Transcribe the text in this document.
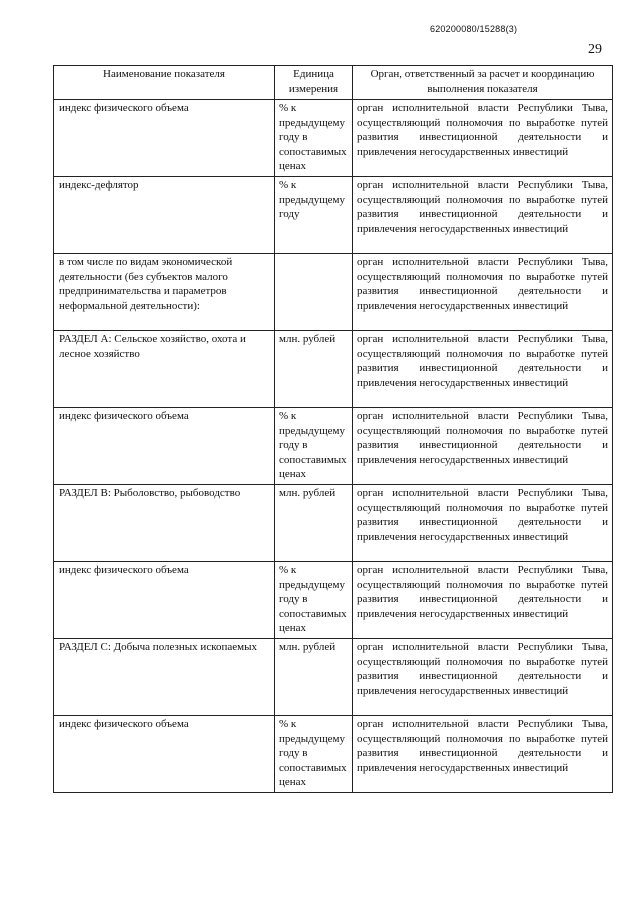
620200080/15288(3)
29
Наименование показателя	Единица измерения	Орган, ответственный за расчет и координацию выполнения показателя
индекс физического объема	% к предыдущему году в сопоставимых ценах	орган исполнительной власти Республики Тыва, осуществляющий полномочия по выработке путей развития инвестиционной деятельности и привлечения негосударственных инвестиций

индекс-дефлятор	% к предыдущему году	орган исполнительной власти Республики Тыва, осуществляющий полномочия по выработке путей развития инвестиционной деятельности и привлечения негосударственных инвестиций

в том числе по видам экономической деятельности (без субъектов малого предпринимательства и параметров неформальной деятельности):		орган исполнительной власти Республики Тыва, осуществляющий полномочия по выработке путей развития инвестиционной деятельности и привлечения негосударственных инвестиций

РАЗДЕЛ А: Сельское хозяйство, охота и лесное хозяйство	млн. рублей	орган исполнительной власти Республики Тыва, осуществляющий полномочия по выработке путей развития инвестиционной деятельности и привлечения негосударственных инвестиций

индекс физического объема	% к предыдущему году в сопоставимых ценах	орган исполнительной власти Республики Тыва, осуществляющий полномочия по выработке путей развития инвестиционной деятельности и привлечения негосударственных инвестиций

РАЗДЕЛ В: Рыболовство, рыбоводство	млн. рублей	орган исполнительной власти Республики Тыва, осуществляющий полномочия по выработке путей развития инвестиционной деятельности и привлечения негосударственных инвестиций

индекс физического объема	% к предыдущему году в сопоставимых ценах	орган исполнительной власти Республики Тыва, осуществляющий полномочия по выработке путей развития инвестиционной деятельности и привлечения негосударственных инвестиций

РАЗДЕЛ С: Добыча полезных ископаемых	млн. рублей	орган исполнительной власти Республики Тыва, осуществляющий полномочия по выработке путей развития инвестиционной деятельности и привлечения негосударственных инвестиций

индекс физического объема	% к предыдущему году в сопоставимых ценах	орган исполнительной власти Республики Тыва, осуществляющий полномочия по выработке путей развития инвестиционной деятельности и привлечения негосударственных инвестиций
